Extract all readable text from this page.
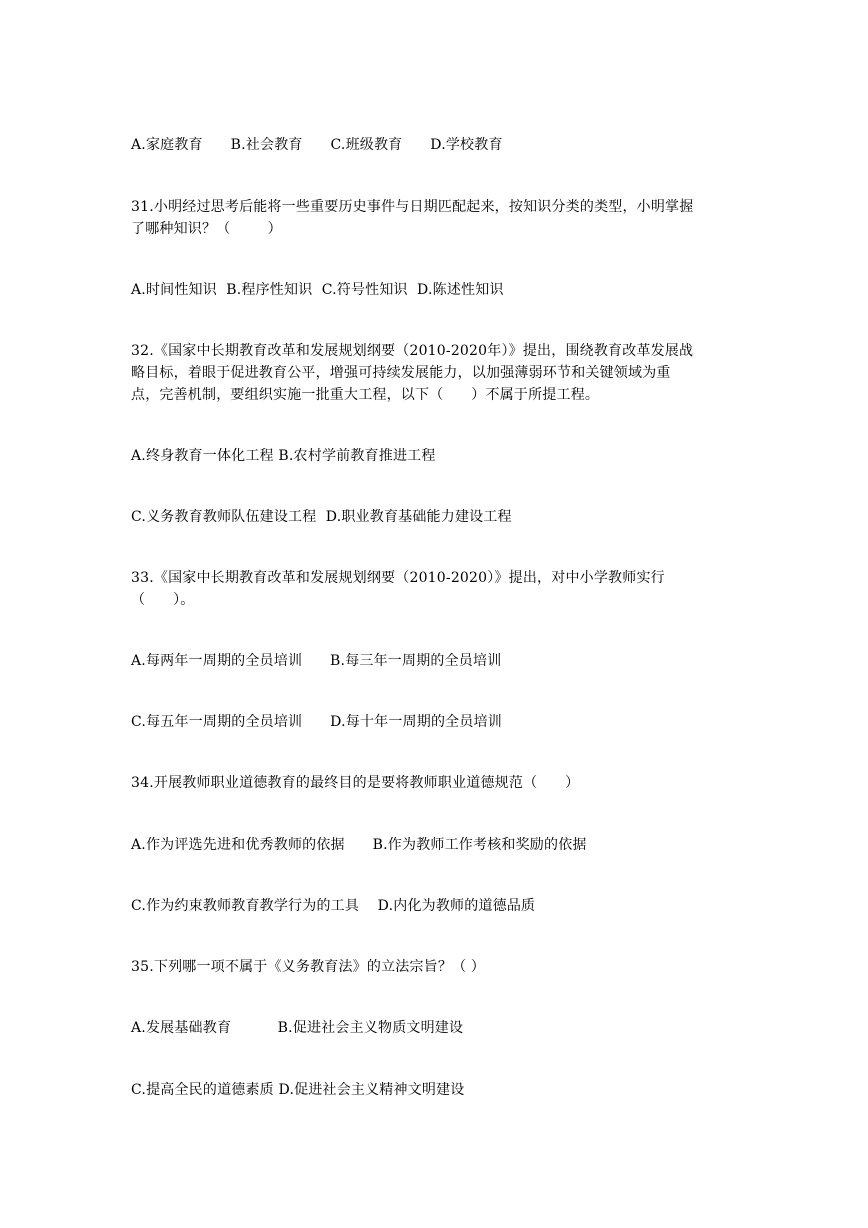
A.家庭教育      B.社会教育      C.班级教育      D.学校教育
31.小明经过思考后能将一些重要历史事件与日期匹配起来，按知识分类的类型，小明掌握
了哪种知识？（        ）
A.时间性知识  B.程序性知识  C.符号性知识  D.陈述性知识
32.《国家中长期教育改革和发展规划纲要（2010-2020年）》提出，围绕教育改革发展战
略目标，着眼于促进教育公平，增强可持续发展能力，以加强薄弱环节和关键领域为重
点，完善机制，要组织实施一批重大工程，以下（      ）不属于所提工程。
A.终身教育一体化工程 B.农村学前教育推进工程
C.义务教育教师队伍建设工程  D.职业教育基础能力建设工程
33.《国家中长期教育改革和发展规划纲要（2010-2020）》提出，对中小学教师实行
（      ）。
A.每两年一周期的全员培训      B.每三年一周期的全员培训
C.每五年一周期的全员培训      D.每十年一周期的全员培训
34.开展教师职业道德教育的最终目的是要将教师职业道德规范（      ）
A.作为评选先进和优秀教师的依据      B.作为教师工作考核和奖励的依据
C.作为约束教师教育教学行为的工具    D.内化为教师的道德品质
35.下列哪一项不属于《义务教育法》的立法宗旨？（ ）
A.发展基础教育          B.促进社会主义物质文明建设
C.提高全民的道德素质 D.促进社会主义精神文明建设
